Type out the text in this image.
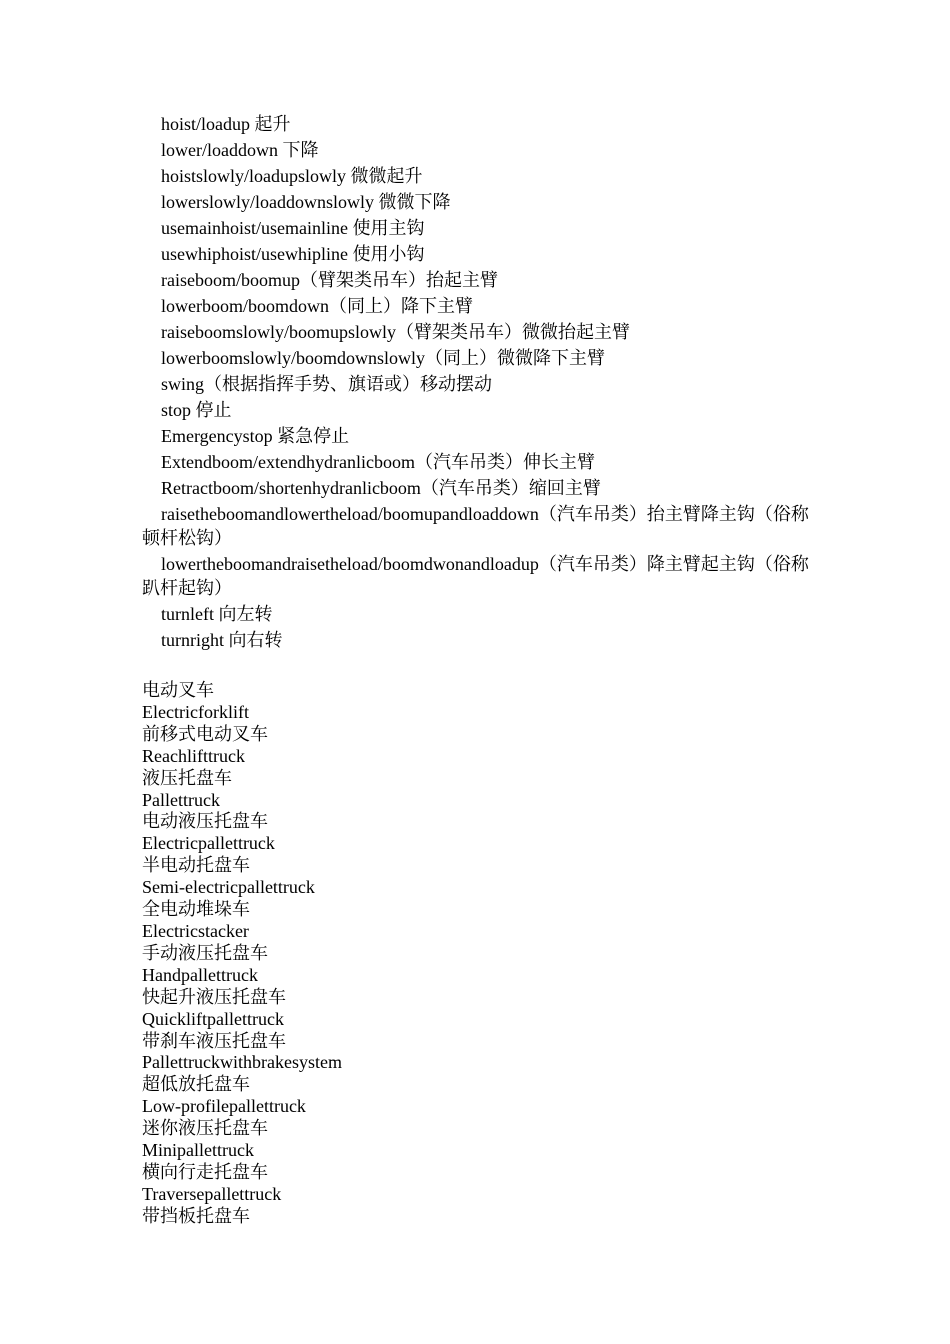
hoist/loadup 起升
lower/loaddown 下降
hoistslowly/loadupslowly 微微起升
lowerslowly/loaddownslowly 微微下降
usemainhoist/usemainline 使用主钩
usewhiphoist/usewhipline 使用小钩
raiseboom/boomup（臂架类吊车）抬起主臂
lowerboom/boomdown（同上）降下主臂
raiseboomslowly/boomupslowly（臂架类吊车）微微抬起主臂
lowerboomslowly/boomdownslowly（同上）微微降下主臂
swing（根据指挥手势、旗语或）移动摆动
stop 停止
Emergencystop 紧急停止
Extendboom/extendhydranlicboom（汽车吊类）伸长主臂
Retractboom/shortenhydranlicboom（汽车吊类）缩回主臂
raisetheboomandlowertheload/boomupandloaddown（汽车吊类）抬主臂降主钩（俗称顿杆松钩）
lowertheboomandraisetheload/boomdwonandloadup（汽车吊类）降主臂起主钩（俗称趴杆起钩）
turnleft 向左转
turnright 向右转
电动叉车
Electricforklift
前移式电动叉车
Reachlifttruck
液压托盘车
Pallettruck
电动液压托盘车
Electricpallettruck
半电动托盘车
Semi-electricpallettruck
全电动堆垛车
Electricstacker
手动液压托盘车
Handpallettruck
快起升液压托盘车
Quickliftpallettruck
带刹车液压托盘车
Pallettruckwithbrakesystem
超低放托盘车
Low-profilepallettruck
迷你液压托盘车
Minipallettruck
横向行走托盘车
Traversepallettruck
带挡板托盘车
